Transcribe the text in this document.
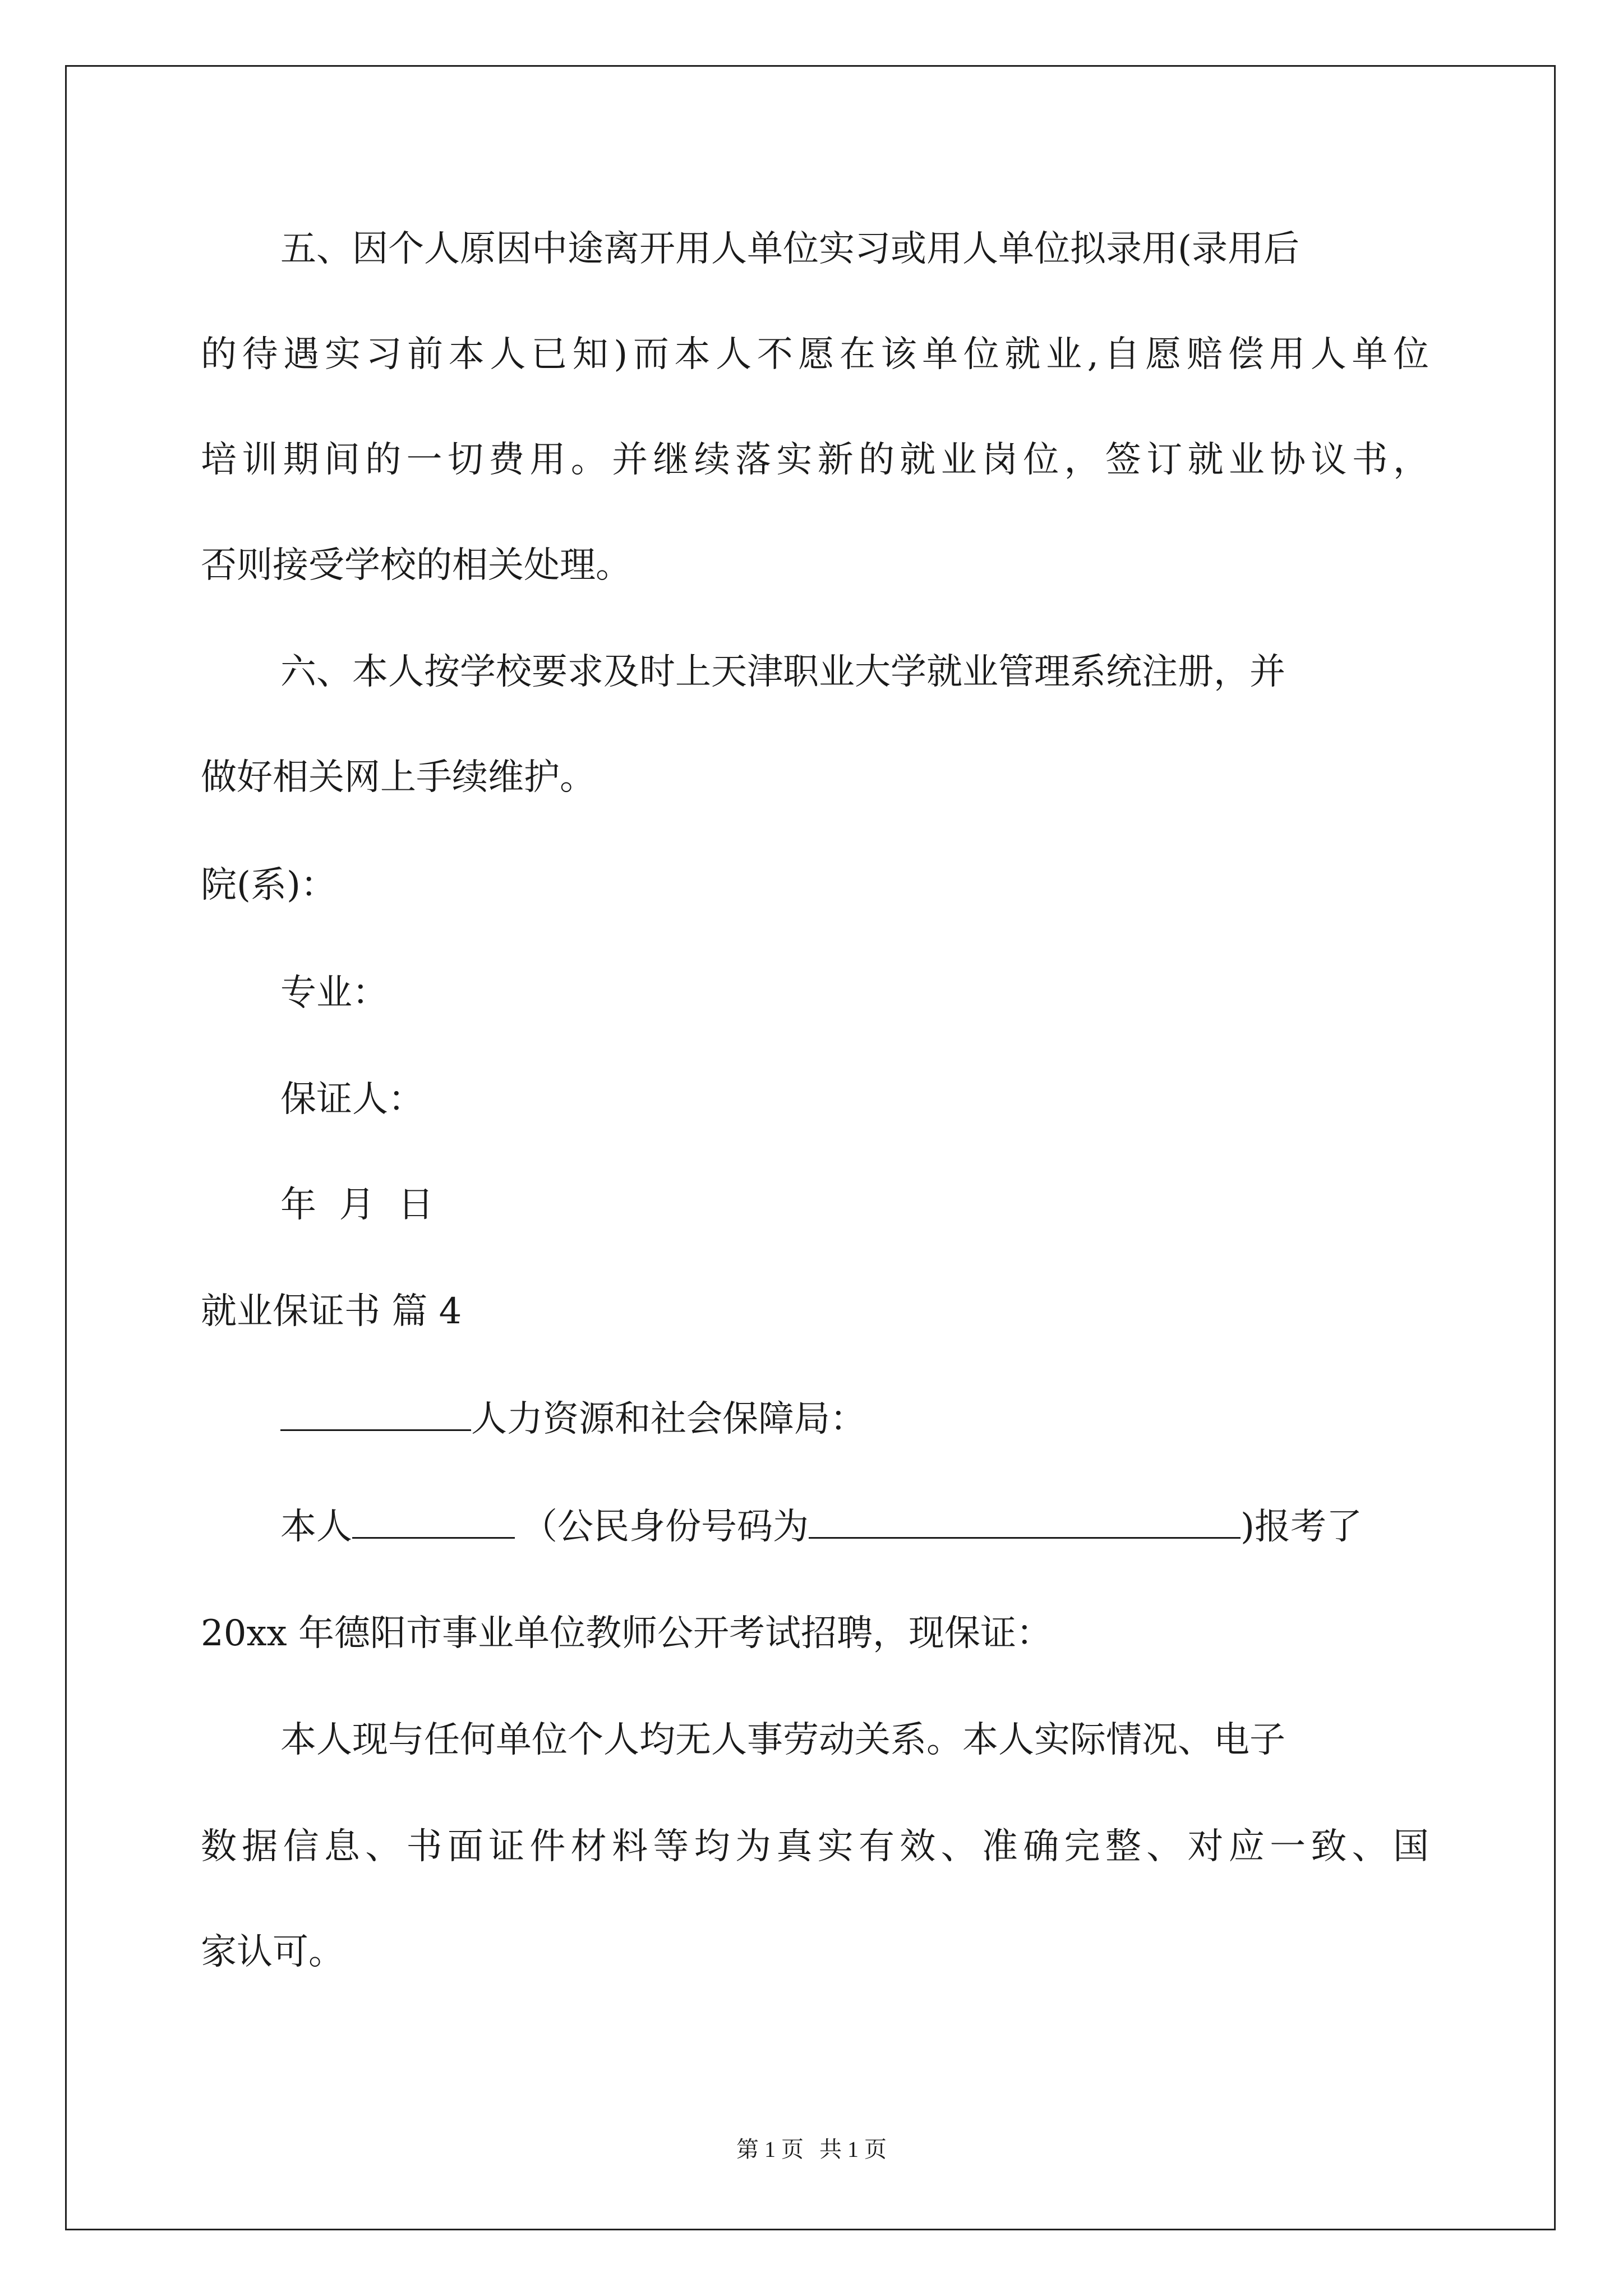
五、因个人原因中途离开用人单位实习或用人单位拟录用(录用后
的待遇实习前本人已知)而本人不愿在该单位就业,自愿赔偿用人单位
培训期间的一切费用。并继续落实新的就业岗位，签订就业协议书，
否则接受学校的相关处理。
六、本人按学校要求及时上天津职业大学就业管理系统注册，并
做好相关网上手续维护。
院(系)：
专业：
保证人：
年  月  日
就业保证书 篇 4
人力资源和社会保障局：
本人	（公民身份号码为	)报考了
20xx 年德阳市事业单位教师公开考试招聘，现保证：
本人现与任何单位个人均无人事劳动关系。本人实际情况、电子
数据信息、书面证件材料等均为真实有效、准确完整、对应一致、国
家认可。
第 1 页 共 1 页
